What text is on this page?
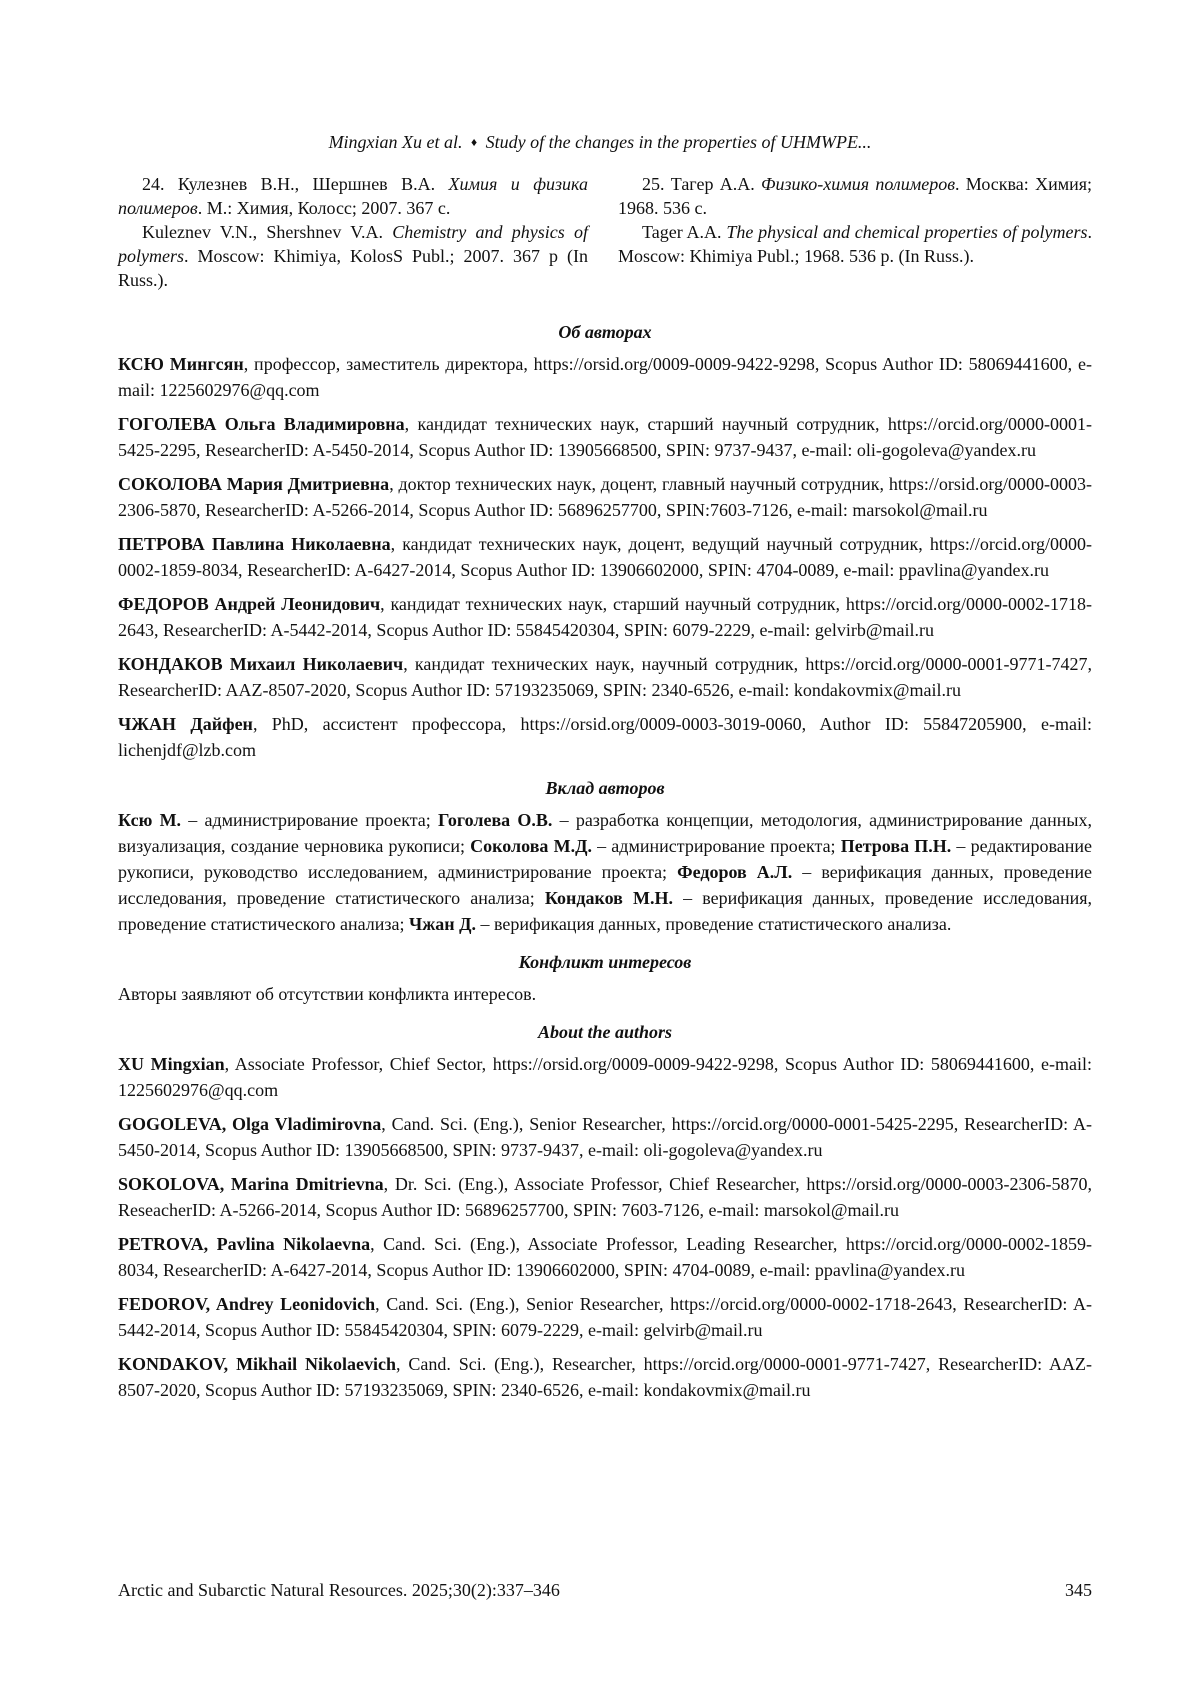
Mingxian Xu et al. ♦ Study of the changes in the properties of UHMWPE...

24. Кулезнев В.Н., Шершнев В.А. Химия и физика полимеров. М.: Химия, Колосс; 2007. 367 с.

Kuleznev V.N., Shershnev V.A. Chemistry and physics of polymers. Moscow: Khimiya, KolosS Publ.; 2007. 367 p (In Russ.).

25. Тагер А.А. Физико-химия полимеров. Москва: Химия; 1968. 536 с.

Tager A.A. The physical and chemical properties of polymers. Moscow: Khimiya Publ.; 1968. 536 p. (In Russ.).

Об авторах
КСЮ Мингсян, профессор, заместитель директора, https://orsid.org/0009-0009-9422-9298, Scopus Author ID: 58069441600, e-mail: 1225602976@qq.com
ГОГОЛЕВА Ольга Владимировна, кандидат технических наук, старший научный сотрудник, https://orcid.org/0000-0001-5425-2295, ResearcherID: A-5450-2014, Scopus Author ID: 13905668500, SPIN: 9737-9437, e-mail: oli-gogoleva@yandex.ru
СОКОЛОВА Мария Дмитриевна, доктор технических наук, доцент, главный научный сотрудник, https://orsid.org/0000-0003-2306-5870, ResearcherID: A-5266-2014, Scopus Author ID: 56896257700, SPIN:7603-7126, e-mail: marsokol@mail.ru
ПЕТРОВА Павлина Николаевна, кандидат технических наук, доцент, ведущий научный сотрудник, https://orcid.org/0000-0002-1859-8034, ResearcherID: A-6427-2014, Scopus Author ID: 13906602000, SPIN: 4704-0089, e-mail: ppavlina@yandex.ru
ФЕДОРОВ Андрей Леонидович, кандидат технических наук, старший научный сотрудник, https://orcid.org/0000-0002-1718-2643, ResearcherID: A-5442-2014, Scopus Author ID: 55845420304, SPIN: 6079-2229, e-mail: gelvirb@mail.ru
КОНДАКОВ Михаил Николаевич, кандидат технических наук, научный сотрудник, https://orcid.org/0000-0001-9771-7427, ResearcherID: AAZ-8507-2020, Scopus Author ID: 57193235069, SPIN: 2340-6526, e-mail: kondakovmix@mail.ru
ЧЖАН Дайфен, PhD, ассистент профессора, https://orsid.org/0009-0003-3019-0060, Author ID: 55847205900, e-mail: lichenjdf@lzb.com
Вклад авторов
Ксю М. – администрирование проекта; Гоголева О.В. – разработка концепции, методология, администрирование данных, визуализация, создание черновика рукописи; Соколова М.Д. – администрирование проекта; Петрова П.Н. – редактирование рукописи, руководство исследованием, администрирование проекта; Федоров А.Л. – верификация данных, проведение исследования, проведение статистического анализа; Кондаков М.Н. – верификация данных, проведение исследования, проведение статистического анализа; Чжан Д. – верификация данных, проведение статистического анализа.
Конфликт интересов
Авторы заявляют об отсутствии конфликта интересов.
About the authors
XU Mingxian, Associate Professor, Chief Sector, https://orsid.org/0009-0009-9422-9298, Scopus Author ID: 58069441600, e-mail: 1225602976@qq.com
GOGOLEVA, Olga Vladimirovna, Cand. Sci. (Eng.), Senior Researcher, https://orcid.org/0000-0001-5425-2295, ResearcherID: A-5450-2014, Scopus Author ID: 13905668500, SPIN: 9737-9437, e-mail: oli-gogoleva@yandex.ru
SOKOLOVA, Marina Dmitrievna, Dr. Sci. (Eng.), Associate Professor, Chief Researcher, https://orsid.org/0000-0003-2306-5870, ReseacherID: A-5266-2014, Scopus Author ID: 56896257700, SPIN: 7603-7126, e-mail: marsokol@mail.ru
PETROVA, Pavlina Nikolaevna, Cand. Sci. (Eng.), Associate Professor, Leading Researcher, https://orcid.org/0000-0002-1859-8034, ResearcherID: A-6427-2014, Scopus Author ID: 13906602000, SPIN: 4704-0089, e-mail: ppavlina@yandex.ru
FEDOROV, Andrey Leonidovich, Cand. Sci. (Eng.), Senior Researcher, https://orcid.org/0000-0002-1718-2643, ResearcherID: A-5442-2014, Scopus Author ID: 55845420304, SPIN: 6079-2229, e-mail: gelvirb@mail.ru
KONDAKOV, Mikhail Nikolaevich, Cand. Sci. (Eng.), Researcher, https://orcid.org/0000-0001-9771-7427, ResearcherID: AAZ-8507-2020, Scopus Author ID: 57193235069, SPIN: 2340-6526, e-mail: kondakovmix@mail.ru
Arctic and Subarctic Natural Resources. 2025;30(2):337–346	345
